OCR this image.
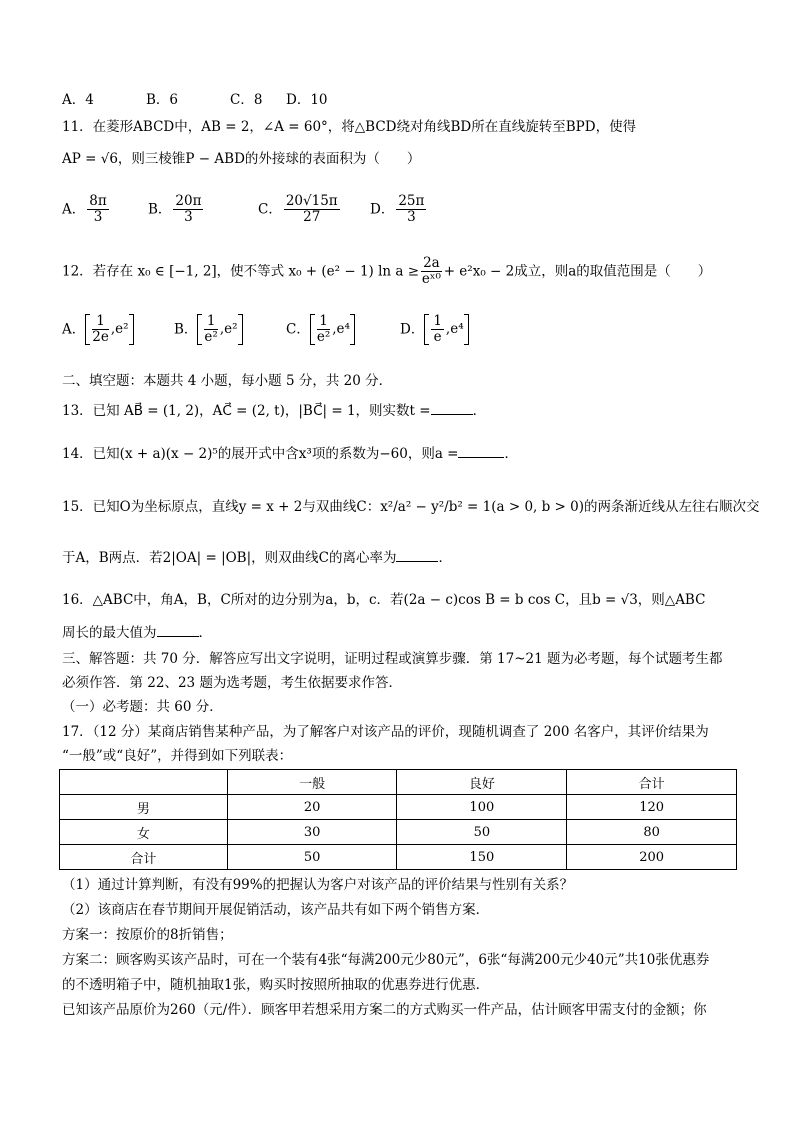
A．4	B．6	C．8 D．10
11．在菱形ABCD中，AB = 2，∠A = 60°，将△BCD绕对角线BD所在直线旋转至BPD，使得
AP = √6，则三棱锥P − ABD的外接球的表面积为（　　）
A． $\frac{8\pi}{3}$	B． $\frac{20\pi}{3}$	C． $\frac{20√15\pi}{27}$ D． $\frac{25\pi}{3}$
12．若存在 x₀ ∈ [−1, 2]，使不等式 x₀ + (e² − 1) $\ln a \ge \frac{2a}{\text{eˣ⁰}} + e^2x_0 - 2$成立，则a的取值范围是（　　）
A． $\frac{1}{2e} ,e^2$	B． $\frac{1}{\text{e²}} ,e^2$	C． $\frac{1}{\text{e²}} ,e^4$	D． $\frac{1}{e} ,e^4$
二、填空题：本题共 4 小题，每小题 5 分，共 20 分．
13．已知 AB⃗ = (1, 2)，AC⃗ = (2, t)，|BC⃗| = 1，则实数t =	．
14．已知(x + a)(x − 2)⁵的展开式中含x³项的系数为−60，则a =	．
15．已知O为坐标原点，直线y = x + 2与双曲线C：x²/a² − y²/b² = 1(a > 0, b > 0)的两条渐近线从左往右顺次交
于A，B两点．若2|OA| = |OB|，则双曲线C的离心率为	．
16．△ABC中，角A，B，C所对的边分别为a，b，c．若(2a − c)cos B = b cos C，且b = √3，则△ABC
周长的最大值为	．
三、解答题：共 70 分．解答应写出文字说明，证明过程或演算步骤．第 17~21 题为必考题，每个试题考生都
必须作答．第 22、23 题为选考题，考生依据要求作答．
（一）必考题：共 60 分．
17．（12 分）某商店销售某种产品，为了解客户对该产品的评价，现随机调查了 200 名客户，其评价结果为
“一般”或“良好”，并得到如下列联表：
	一般	良好	合计
男	20	100	120
女	30	50	80
合计	50	150	200
（1）通过计算判断，有没有99%的把握认为客户对该产品的评价结果与性别有关系？
（2）该商店在春节期间开展促销活动，该产品共有如下两个销售方案．
方案一：按原价的8折销售；
方案二：顾客购买该产品时，可在一个装有4张“每满200元少80元”，6张“每满200元少40元”共10张优惠券
的不透明箱子中，随机抽取1张，购买时按照所抽取的优惠券进行优惠．
已知该产品原价为260（元/件）．顾客甲若想采用方案二的方式购买一件产品，估计顾客甲需支付的金额；你
